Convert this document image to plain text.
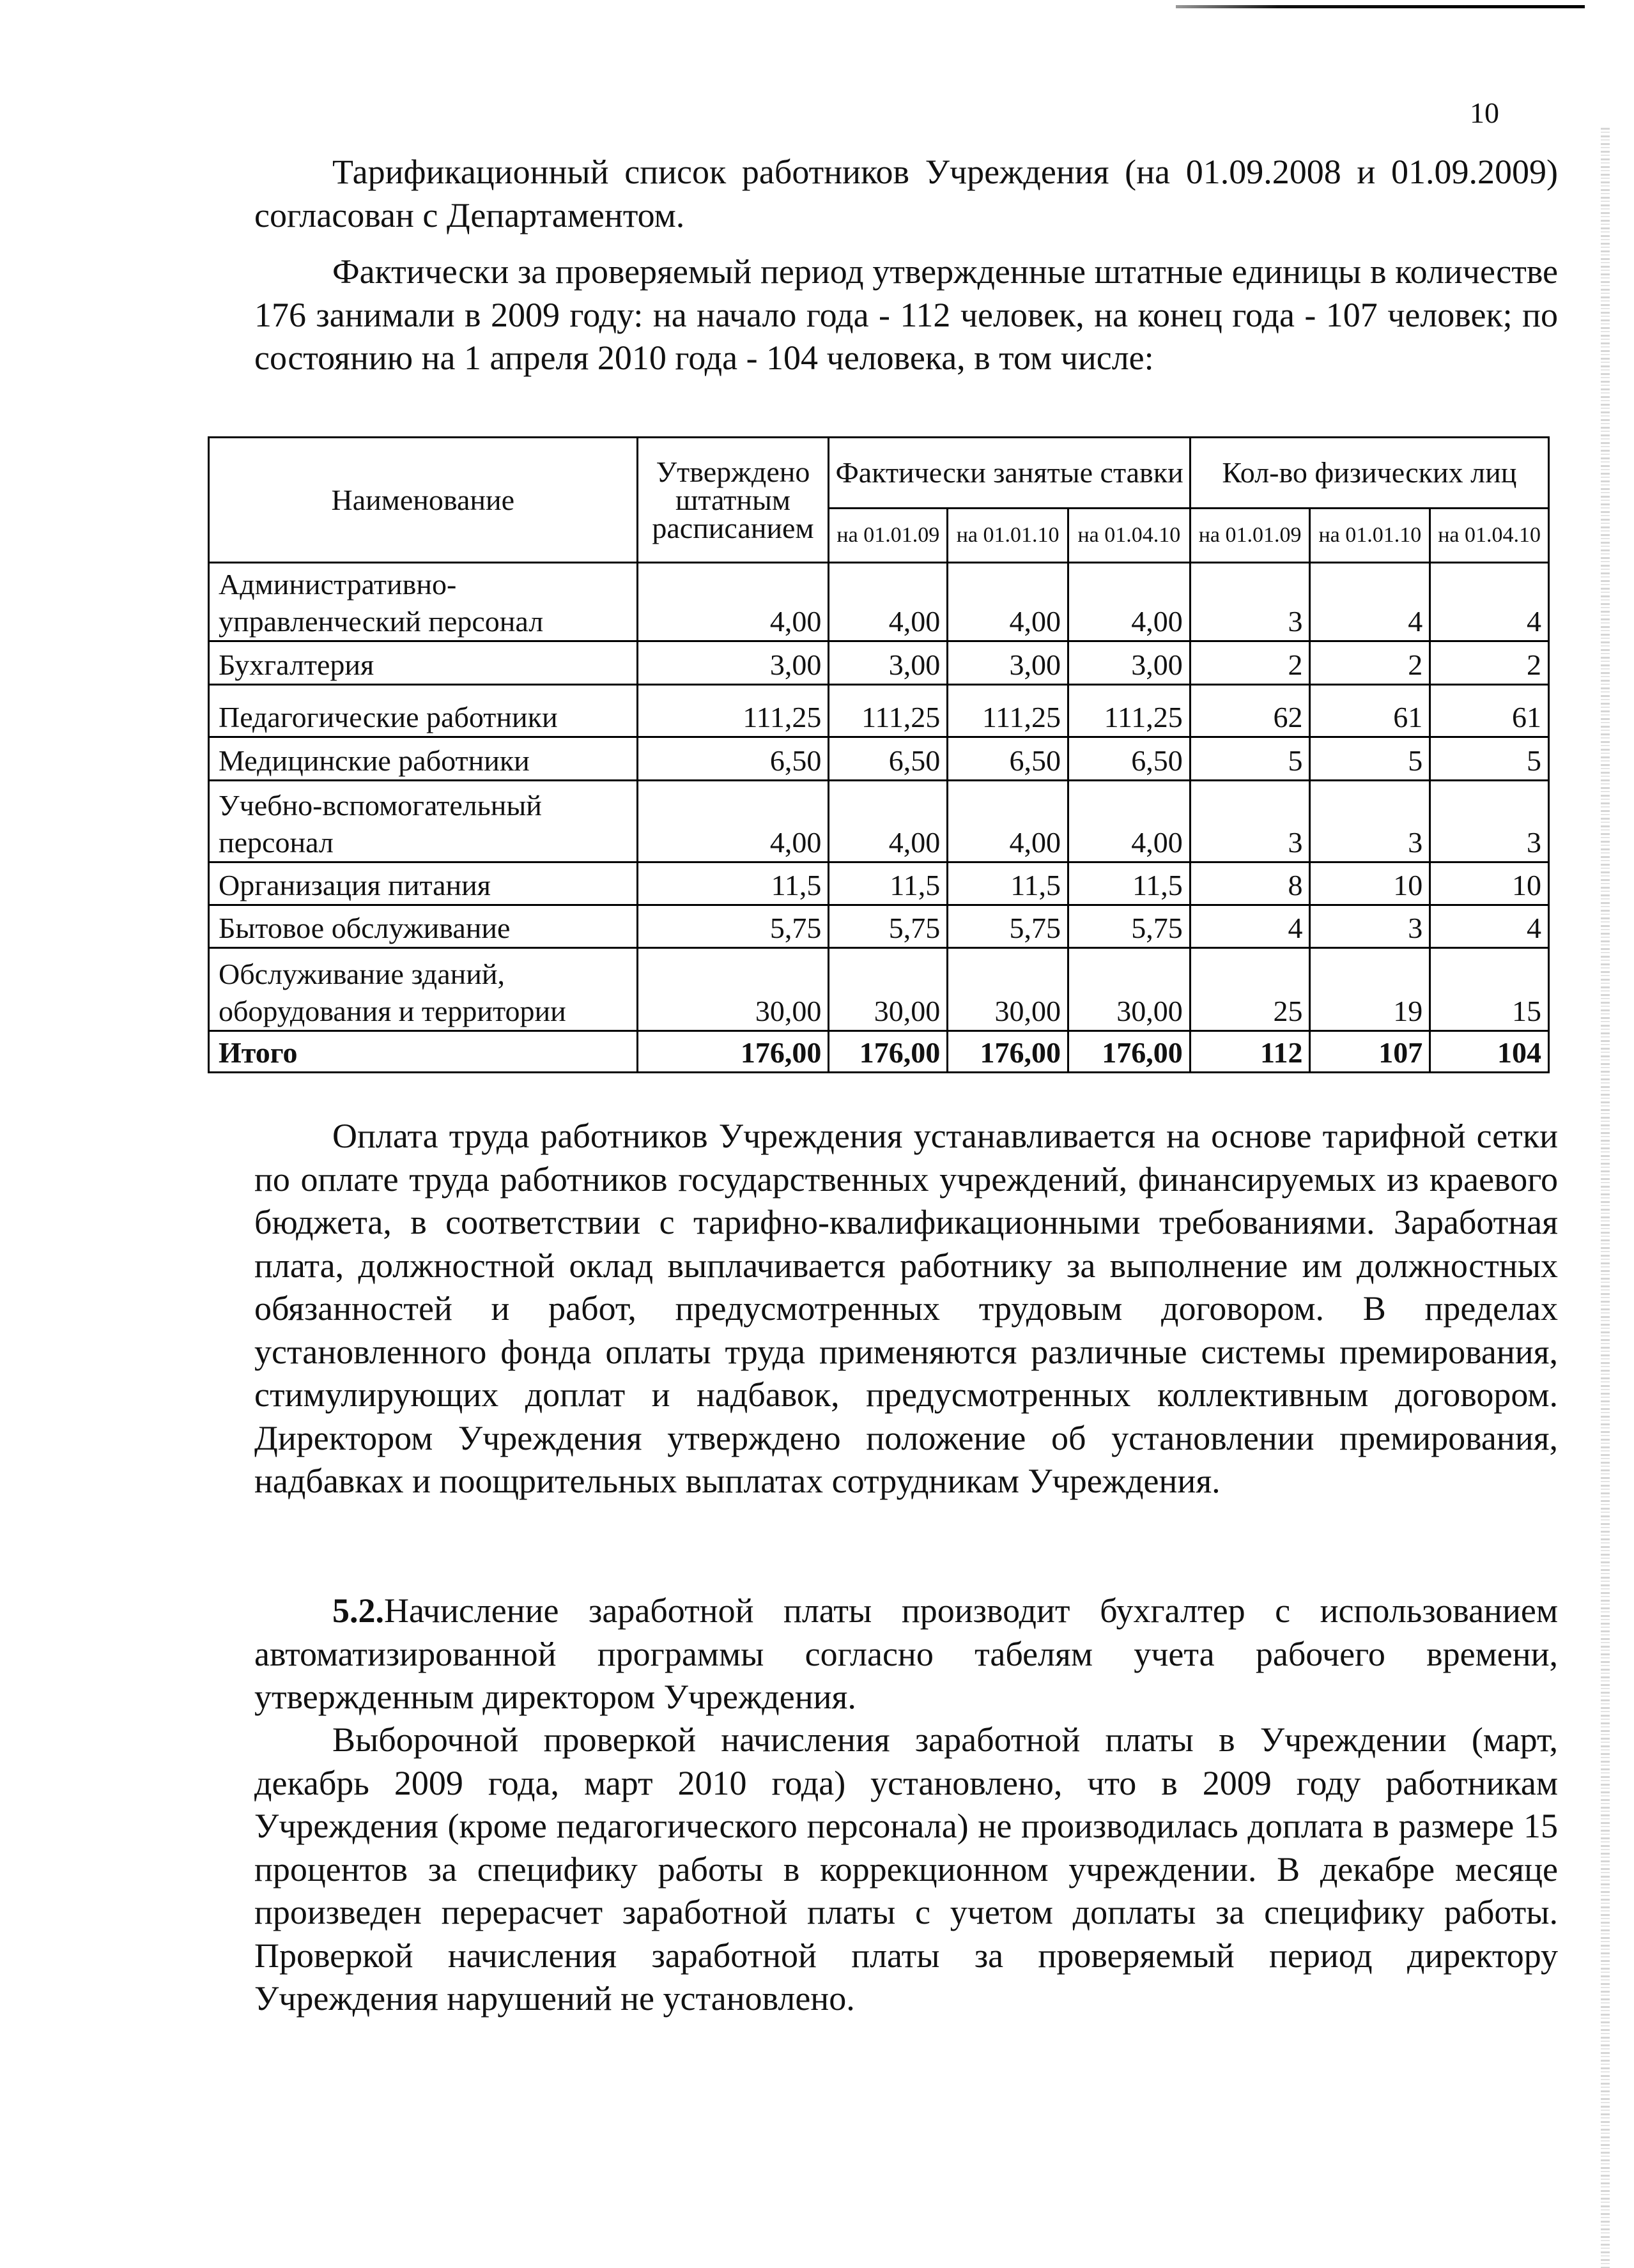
10
Тарификационный список работников Учреждения (на 01.09.2008 и 01.09.2009) согласован с Департаментом.
Фактически за проверяемый период утвержденные штатные единицы в количестве 176 занимали в 2009 году: на начало года - 112 человек, на конец года - 107 человек; по состоянию на 1 апреля 2010 года - 104 человека, в том числе:
Наименование	Утверждено штатным расписанием	Фактически занятые ставки			Кол-во физических лиц		
		на 01.01.09	на 01.01.10	на 01.04.10	на 01.01.09	на 01.01.10	на 01.04.10
Административно-управленческий персонал	4,00	4,00	4,00	4,00	3	4	4
Бухгалтерия	3,00	3,00	3,00	3,00	2	2	2
Педагогические работники	111,25	111,25	111,25	111,25	62	61	61
Медицинские работники	6,50	6,50	6,50	6,50	5	5	5
Учебно-вспомогательный персонал	4,00	4,00	4,00	4,00	3	3	3
Организация питания	11,5	11,5	11,5	11,5	8	10	10
Бытовое обслуживание	5,75	5,75	5,75	5,75	4	3	4
Обслуживание зданий, оборудования и территории	30,00	30,00	30,00	30,00	25	19	15
Итого	176,00	176,00	176,00	176,00	112	107	104
Оплата труда работников Учреждения устанавливается на основе тарифной сетки по оплате труда работников государственных учреждений, финансируемых из краевого бюджета, в соответствии с тарифно-квалификационными требованиями. Заработная плата, должностной оклад выплачивается работнику за выполнение им должностных обязанностей и работ, предусмотренных трудовым договором. В пределах установленного фонда оплаты труда применяются различные системы премирования, стимулирующих доплат и надбавок, предусмотренных коллективным договором. Директором Учреждения утверждено положение об установлении премирования, надбавках и поощрительных выплатах сотрудникам Учреждения.
5.2.Начисление заработной платы производит бухгалтер с использованием автоматизированной программы согласно табелям учета рабочего времени, утвержденным директором Учреждения.
Выборочной проверкой начисления заработной платы в Учреждении (март, декабрь 2009 года, март 2010 года) установлено, что в 2009 году работникам Учреждения (кроме педагогического персонала) не производилась доплата в размере 15 процентов за специфику работы в коррекционном учреждении. В декабре месяце произведен перерасчет заработной платы с учетом доплаты за специфику работы. Проверкой начисления заработной платы за проверяемый период директору Учреждения нарушений не установлено.
